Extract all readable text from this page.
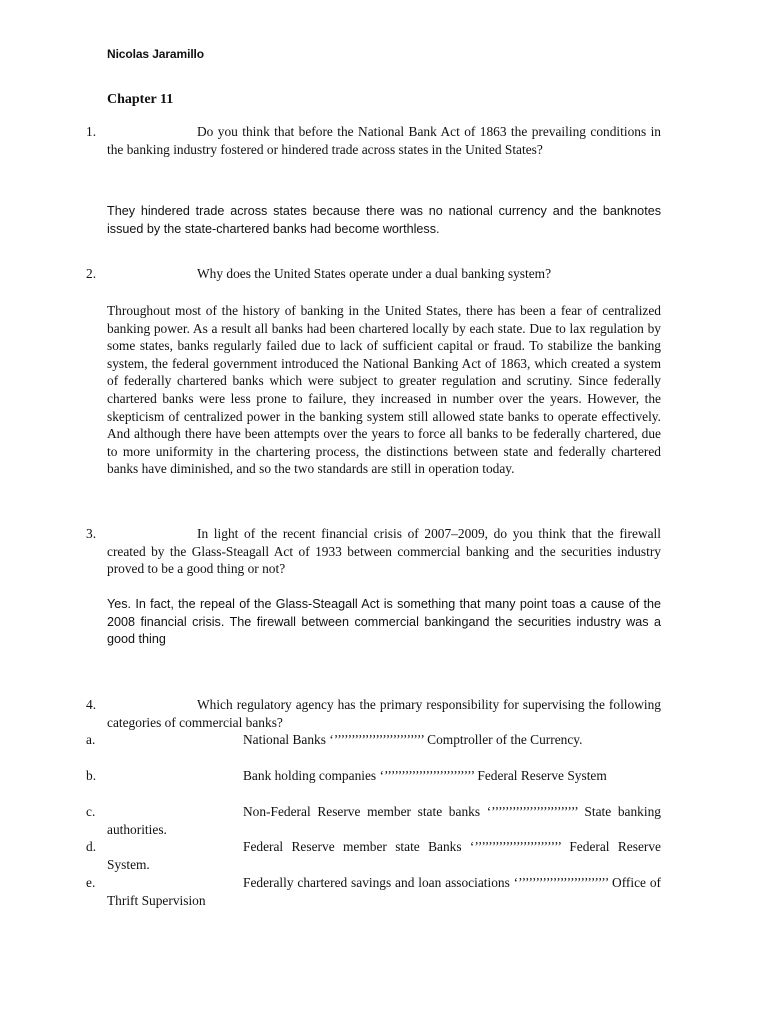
Nicolas Jaramillo
Chapter 11
1.	Do you think that before the National Bank Act of 1863 the prevailing conditions in the banking industry fostered or hindered trade across states in the United States?
They hindered trade across states because there was no national currency and the banknotes issued by the state-chartered banks had become worthless.
2.	Why does the United States operate under a dual banking system?
Throughout most of the history of banking in the United States, there has been a fear of centralized banking power. As a result all banks had been chartered locally by each state. Due to lax regulation by some states, banks regularly failed due to lack of sufficient capital or fraud. To stabilize the banking system, the federal government introduced the National Banking Act of 1863, which created a system of federally chartered banks which were subject to greater regulation and scrutiny. Since federally chartered banks were less prone to failure, they increased in number over the years. However, the skepticism of centralized power in the banking system still allowed state banks to operate effectively. And although there have been attempts over the years to force all banks to be federally chartered, due to more uniformity in the chartering process, the distinctions between state and federally chartered banks have diminished, and so the two standards are still in operation today.
3.	In light of the recent financial crisis of 2007–2009, do you think that the firewall created by the Glass-Steagall Act of 1933 between commercial banking and the securities industry proved to be a good thing or not?
Yes. In fact, the repeal of the Glass-Steagall Act is something that many point toas a cause of the 2008 financial crisis. The firewall between commercial bankingand the securities industry was a good thing
4.	Which regulatory agency has the primary responsibility for supervising the following categories of commercial banks?
a.	National Banks ‘’’’’’’’’’’’’’’’’’’’’’’’’’’ Comptroller of the Currency.
b.	Bank holding companies ‘’’’’’’’’’’’’’’’’’’’’’’’’’’ Federal Reserve System
c.	Non-Federal Reserve member state banks ‘’’’’’’’’’’’’’’’’’’’’’’’’’ State banking authorities.
d.	Federal Reserve member state Banks ‘’’’’’’’’’’’’’’’’’’’’’’’’’ Federal Reserve System.
e.	Federally chartered savings and loan associations ‘’’’’’’’’’’’’’’’’’’’’’’’’’’ Office of Thrift Supervision
